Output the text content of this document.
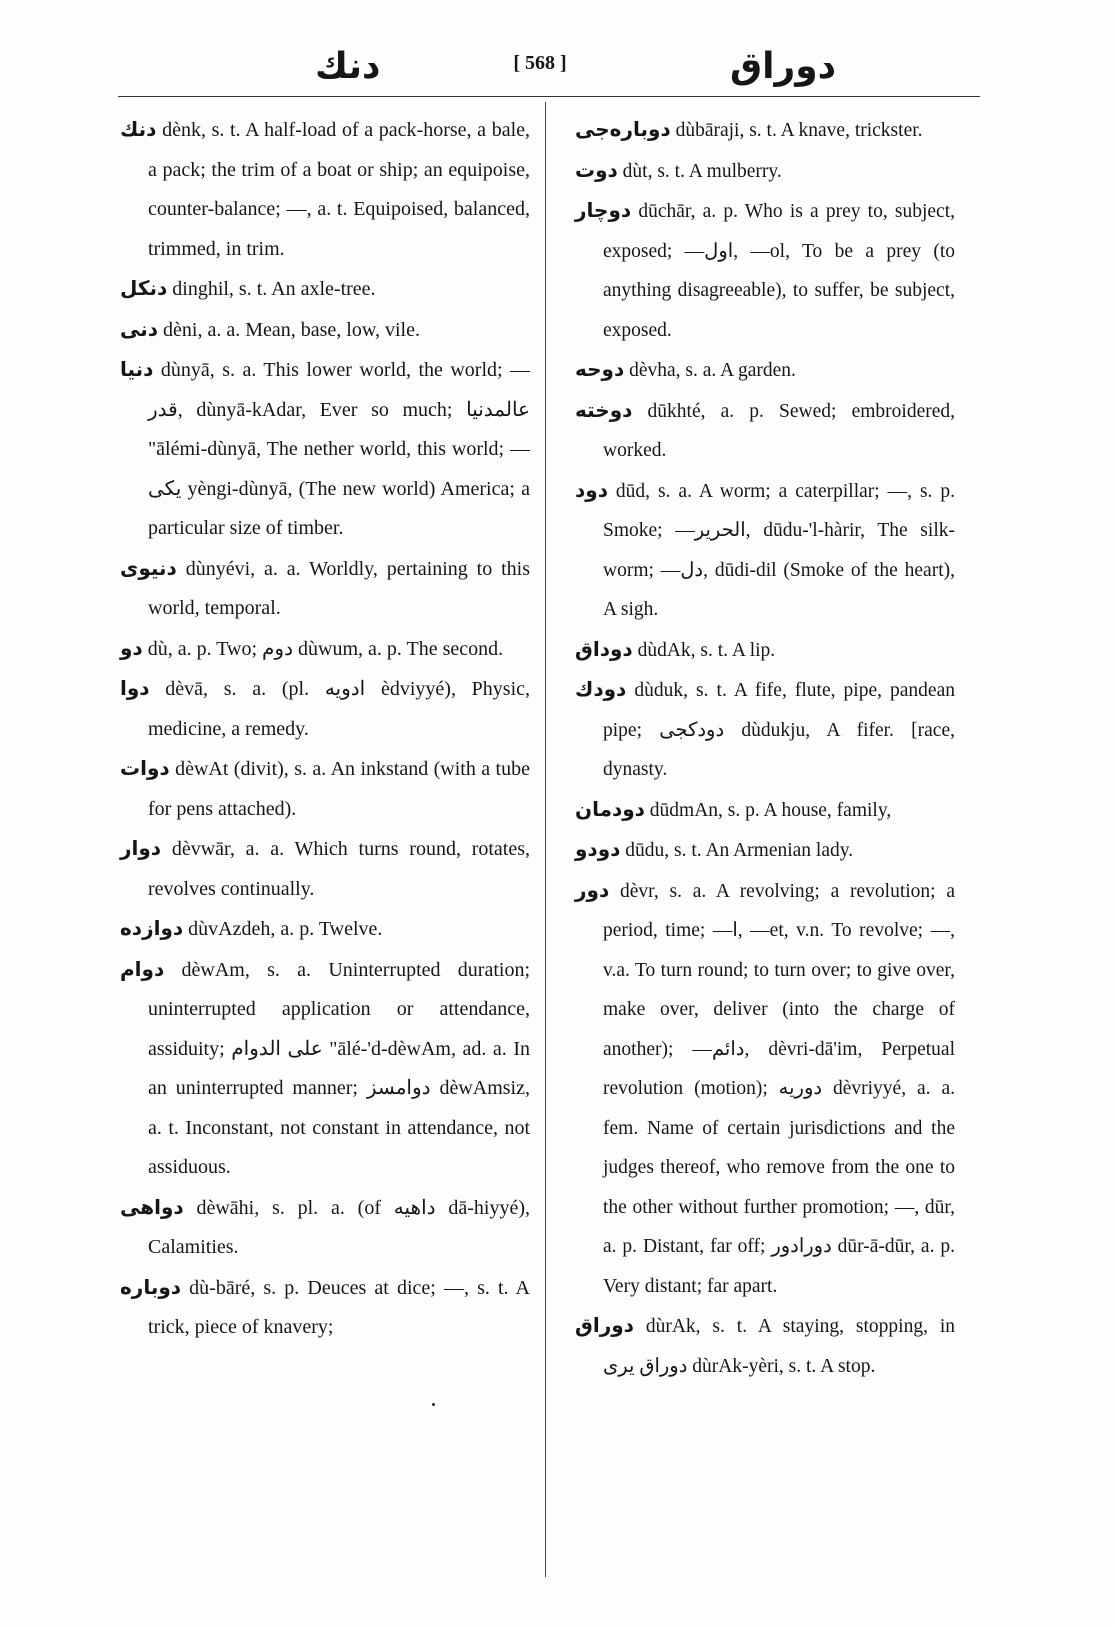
دنك	[ 568 ]	دوراق

دنك dènk, s. t. A half-load of a pack-horse, a bale, a pack; the trim of a boat or ship; an equipoise, counter-balance; —, a. t. Equipoised, balanced, trimmed, in trim.

دنكل dinghil, s. t. An axle-tree.

دنى dèni, a. a. Mean, base, low, vile.

دنيا dùnyā, s. a. This lower world, the world; —قدر, dùnyā-kAdar, Ever so much; عالمدنيا "ālémi-dùnyā, The nether world, this world; —يكى yèngi-dùnyā, (The new world) America; a particular size of timber.

دنيوى dùnyévi, a. a. Worldly, pertaining to this world, temporal.

دو dù, a. p. Two; دوم dùwum, a. p. The second.

دوا dèvā, s. a. (pl. ادويه èdviyyé), Physic, medicine, a remedy.

دوات dèwAt (divit), s. a. An inkstand (with a tube for pens attached).

دوار dèvwār, a. a. Which turns round, rotates, revolves continually.

دوازده dùvAzdeh, a. p. Twelve.

دوام dèwAm, s. a. Uninterrupted duration; uninterrupted application or attendance, assiduity; على الدوام "ālé-'d-dèwAm, ad. a. In an uninterrupted manner; دوامسز dèwAmsiz, a. t. Inconstant, not constant in attendance, not assiduous.

دواهى dèwāhi, s. pl. a. (of داهيه dā-hiyyé), Calamities.

دوباره dù-bāré, s. p. Deuces at dice; —, s. t. A trick, piece of knavery;

دوبارەجى dùbāraji, s. t. A knave, trickster.

دوت dùt, s. t. A mulberry.

دوچار dūchār, a. p. Who is a prey to, subject, exposed; —اول, —ol, To be a prey (to anything disagreeable), to suffer, be subject, exposed.

دوحه dèvha, s. a. A garden.

دوخته dūkhté, a. p. Sewed; embroidered, worked.

دود dūd, s. a. A worm; a caterpillar; —, s. p. Smoke; —الحرير, dūdu-'l-hàrir, The silk-worm; —دل, dūdi-dil (Smoke of the heart), A sigh.

دوداق dùdAk, s. t. A lip.

دودك dùduk, s. t. A fife, flute, pipe, pandean pipe; دودكجى dùdukju, A fifer. [race, dynasty.

دودمان dūdmAn, s. p. A house, family,

دودو dūdu, s. t. An Armenian lady.

دور dèvr, s. a. A revolving; a revolution; a period, time; —ا, —et, v.n. To revolve; —, v.a. To turn round; to turn over; to give over, make over, deliver (into the charge of another); —دائم, dèvri-dā'im, Perpetual revolution (motion); دوريه dèvriyyé, a. a. fem. Name of certain jurisdictions and the judges thereof, who remove from the one to the other without further promotion; —, dūr, a. p. Distant, far off; دورادور dūr-ā-dūr, a. p. Very distant; far apart.

دوراق dùrAk, s. t. A staying, stopping, in دوراق يرى dùrAk-yèri, s. t. A stop.
